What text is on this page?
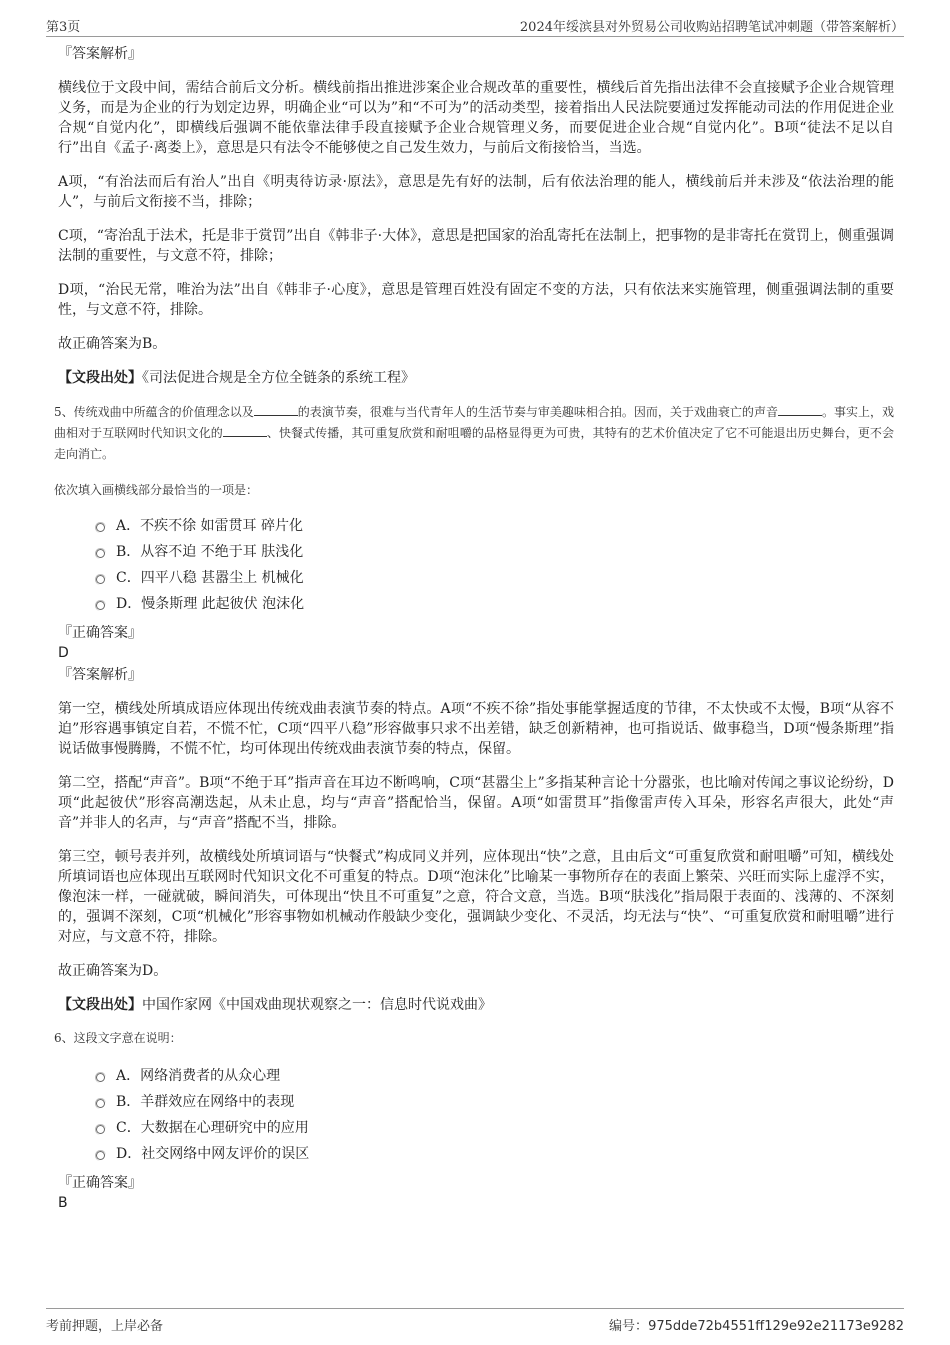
第3页	2024年绥滨县对外贸易公司收购站招聘笔试冲刺题（带答案解析）
『答案解析』
横线位于文段中间，需结合前后文分析。横线前指出推进涉案企业合规改革的重要性，横线后首先指出法律不会直接赋予企业合规管理义务，而是为企业的行为划定边界，明确企业“可以为”和“不可为”的活动类型，接着指出人民法院要通过发挥能动司法的作用促进企业合规“自觉内化”，即横线后强调不能依靠法律手段直接赋予企业合规管理义务，而要促进企业合规“自觉内化”。B项“徒法不足以自行”出自《孟子·离娄上》，意思是只有法令不能够使之自己发生效力，与前后文衔接恰当，当选。
A项，“有治法而后有治人”出自《明夷待访录·原法》，意思是先有好的法制，后有依法治理的能人，横线前后并未涉及“依法治理的能人”，与前后文衔接不当，排除；
C项，“寄治乱于法术，托是非于赏罚”出自《韩非子·大体》，意思是把国家的治乱寄托在法制上，把事物的是非寄托在赏罚上，侧重强调法制的重要性，与文意不符，排除；
D项，“治民无常，唯治为法”出自《韩非子·心度》，意思是管理百姓没有固定不变的方法，只有依法来实施管理，侧重强调法制的重要性，与文意不符，排除。
故正确答案为B。
【文段出处】《司法促进合规是全方位全链条的系统工程》
5、传统戏曲中所蕴含的价值理念以及	的表演节奏，很难与当代青年人的生活节奏与审美趣味相合拍。因而，关于戏曲衰亡的声音	。事实上，戏曲相对于互联网时代知识文化的	、快餐式传播，其可重复欣赏和耐咀嚼的品格显得更为可贵，其特有的艺术价值决定了它不可能退出历史舞台，更不会走向消亡。
依次填入画横线部分最恰当的一项是：
A．不疾不徐 如雷贯耳 碎片化
B．从容不迫 不绝于耳 肤浅化
C．四平八稳 甚嚣尘上 机械化
D．慢条斯理 此起彼伏 泡沫化
『正确答案』
D
『答案解析』
第一空，横线处所填成语应体现出传统戏曲表演节奏的特点。A项“不疾不徐”指处事能掌握适度的节律，不太快或不太慢，B项“从容不迫”形容遇事镇定自若，不慌不忙，C项“四平八稳”形容做事只求不出差错，缺乏创新精神，也可指说话、做事稳当，D项“慢条斯理”指说话做事慢腾腾，不慌不忙，均可体现出传统戏曲表演节奏的特点，保留。
第二空，搭配“声音”。B项“不绝于耳”指声音在耳边不断鸣响，C项“甚嚣尘上”多指某种言论十分嚣张，也比喻对传闻之事议论纷纷，D项“此起彼伏”形容高潮迭起，从未止息，均与“声音”搭配恰当，保留。A项“如雷贯耳”指像雷声传入耳朵，形容名声很大，此处“声音”并非人的名声，与“声音”搭配不当，排除。
第三空，顿号表并列，故横线处所填词语与“快餐式”构成同义并列，应体现出“快”之意，且由后文“可重复欣赏和耐咀嚼”可知，横线处所填词语也应体现出互联网时代知识文化不可重复的特点。D项“泡沫化”比喻某一事物所存在的表面上繁荣、兴旺而实际上虚浮不实，像泡沫一样，一碰就破，瞬间消失，可体现出“快且不可重复”之意，符合文意，当选。B项“肤浅化”指局限于表面的、浅薄的、不深刻的，强调不深刻，C项“机械化”形容事物如机械动作般缺少变化，强调缺少变化、不灵活，均无法与“快”、“可重复欣赏和耐咀嚼”进行对应，与文意不符，排除。
故正确答案为D。
【文段出处】中国作家网《中国戏曲现状观察之一：信息时代说戏曲》
6、这段文字意在说明：
A．网络消费者的从众心理
B．羊群效应在网络中的表现
C．大数据在心理研究中的应用
D．社交网络中网友评价的误区
『正确答案』
B
考前押题，上岸必备	编号：975dde72b4551ff129e92e21173e9282
